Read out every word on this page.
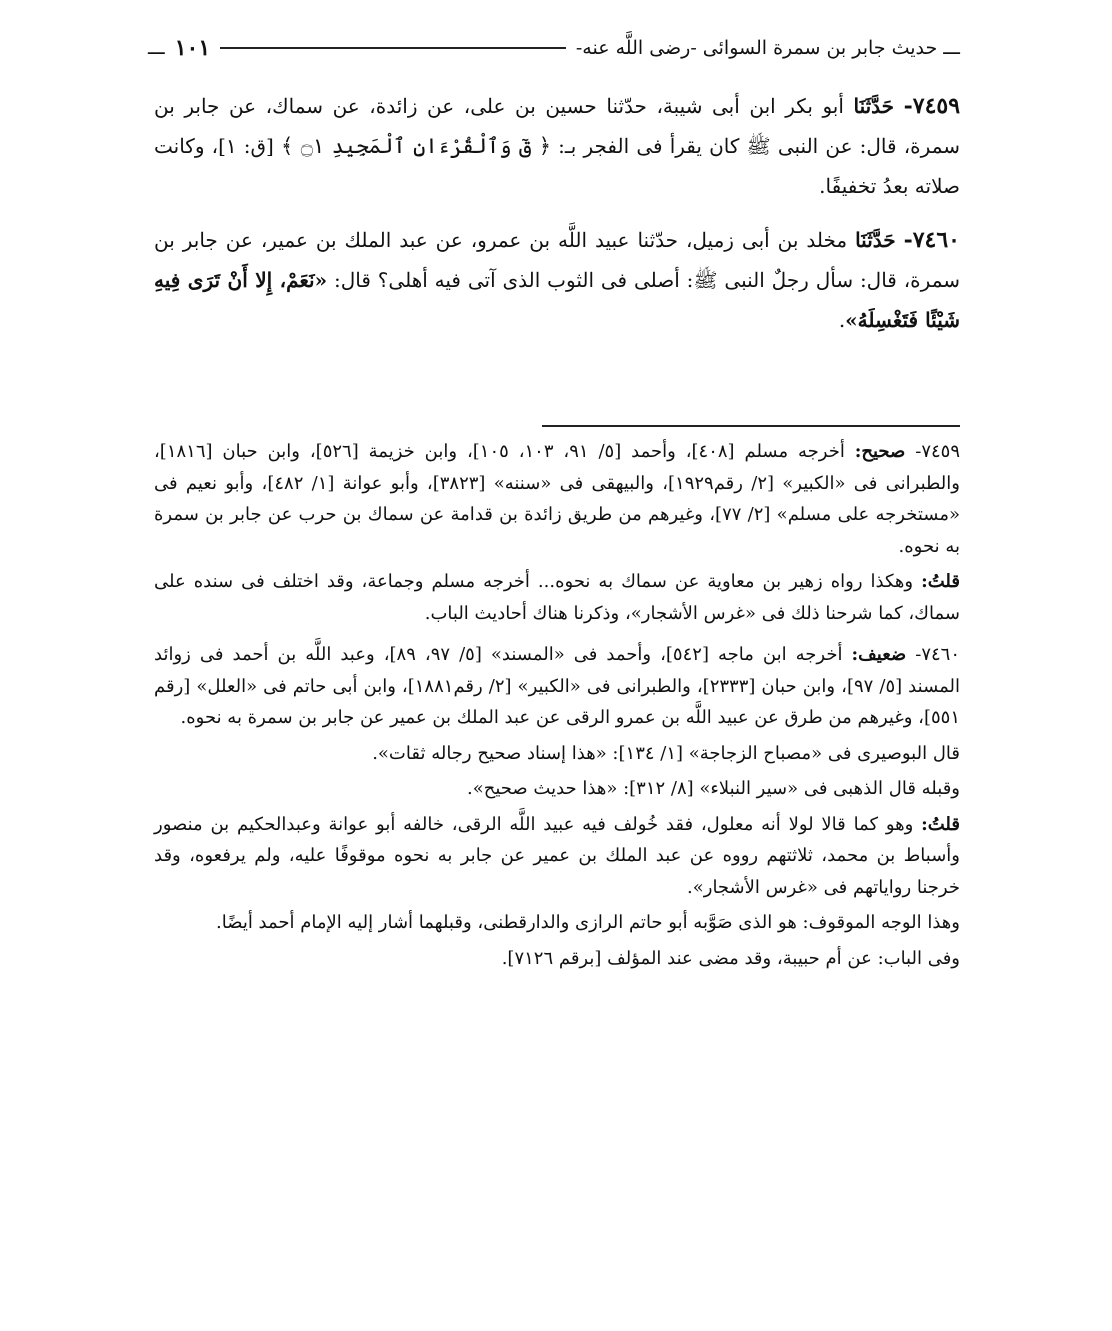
ـــ حديث جابر بن سمرة السوائى -رضى اللَّه عنه-
١٠١
ـــ

٧٤٥٩- حَدَّثَنَا أبو بكر ابن أبى شيبة، حدّثنا حسين بن على، عن زائدة، عن سماك، عن جابر بن سمرة، قال: عن النبى ﷺ كان يقرأ فى الفجر بـ: ﴿ قٓ وَٱلْقُرْءَانِ ٱلْمَجِيدِ ۝١ ﴾ [ق: ١]، وكانت صلاته بعدُ تخفيفًا.

٧٤٦٠- حَدَّثَنَا مخلد بن أبى زميل، حدّثنا عبيد اللَّه بن عمرو، عن عبد الملك بن عمير، عن جابر بن سمرة، قال: سأل رجلٌ النبى ﷺ: أصلى فى الثوب الذى آتى فيه أهلى؟ قال: «نَعَمْ، إِلا أَنْ تَرَى فِيهِ شَيْئًا فَتَغْسِلَهُ».

٧٤٥٩- صحيح: أخرجه مسلم [٤٠٨]، وأحمد [٥/ ٩١، ١٠٣، ١٠٥]، وابن خزيمة [٥٢٦]، وابن حبان [١٨١٦]، والطبرانى فى «الكبير» [٢/ رقم١٩٢٩]، والبيهقى فى «سننه» [٣٨٢٣]، وأبو عوانة [١/ ٤٨٢]، وأبو نعيم فى «مستخرجه على مسلم» [٢/ ٧٧]، وغيرهم من طريق زائدة بن قدامة عن سماك بن حرب عن جابر بن سمرة به نحوه.

قلتُ: وهكذا رواه زهير بن معاوية عن سماك به نحوه... أخرجه مسلم وجماعة، وقد اختلف فى سنده على سماك، كما شرحنا ذلك فى «غرس الأشجار»، وذكرنا هناك أحاديث الباب.

٧٤٦٠- ضعيف: أخرجه ابن ماجه [٥٤٢]، وأحمد فى «المسند» [٥/ ٩٧، ٨٩]، وعبد اللَّه بن أحمد فى زوائد المسند [٥/ ٩٧]، وابن حبان [٢٣٣٣]، والطبرانى فى «الكبير» [٢/ رقم١٨٨١]، وابن أبى حاتم فى «العلل» [رقم ٥٥١]، وغيرهم من طرق عن عبيد اللَّه بن عمرو الرقى عن عبد الملك بن عمير عن جابر بن سمرة به نحوه.

قال البوصيرى فى «مصباح الزجاجة» [١/ ١٣٤]: «هذا إسناد صحيح رجاله ثقات».

وقبله قال الذهبى فى «سير النبلاء» [٨/ ٣١٢]: «هذا حديث صحيح».

قلتُ: وهو كما قالا لولا أنه معلول، فقد خُولف فيه عبيد اللَّه الرقى، خالفه أبو عوانة وعبدالحكيم بن منصور وأسباط بن محمد، ثلاثتهم رووه عن عبد الملك بن عمير عن جابر به نحوه موقوفًا عليه، ولم يرفعوه، وقد خرجنا رواياتهم فى «غرس الأشجار».

وهذا الوجه الموقوف: هو الذى صَوَّبه أبو حاتم الرازى والدارقطنى، وقبلهما أشار إليه الإمام أحمد أيضًا.

وفى الباب: عن أم حبيبة، وقد مضى عند المؤلف [برقم ٧١٢٦].
